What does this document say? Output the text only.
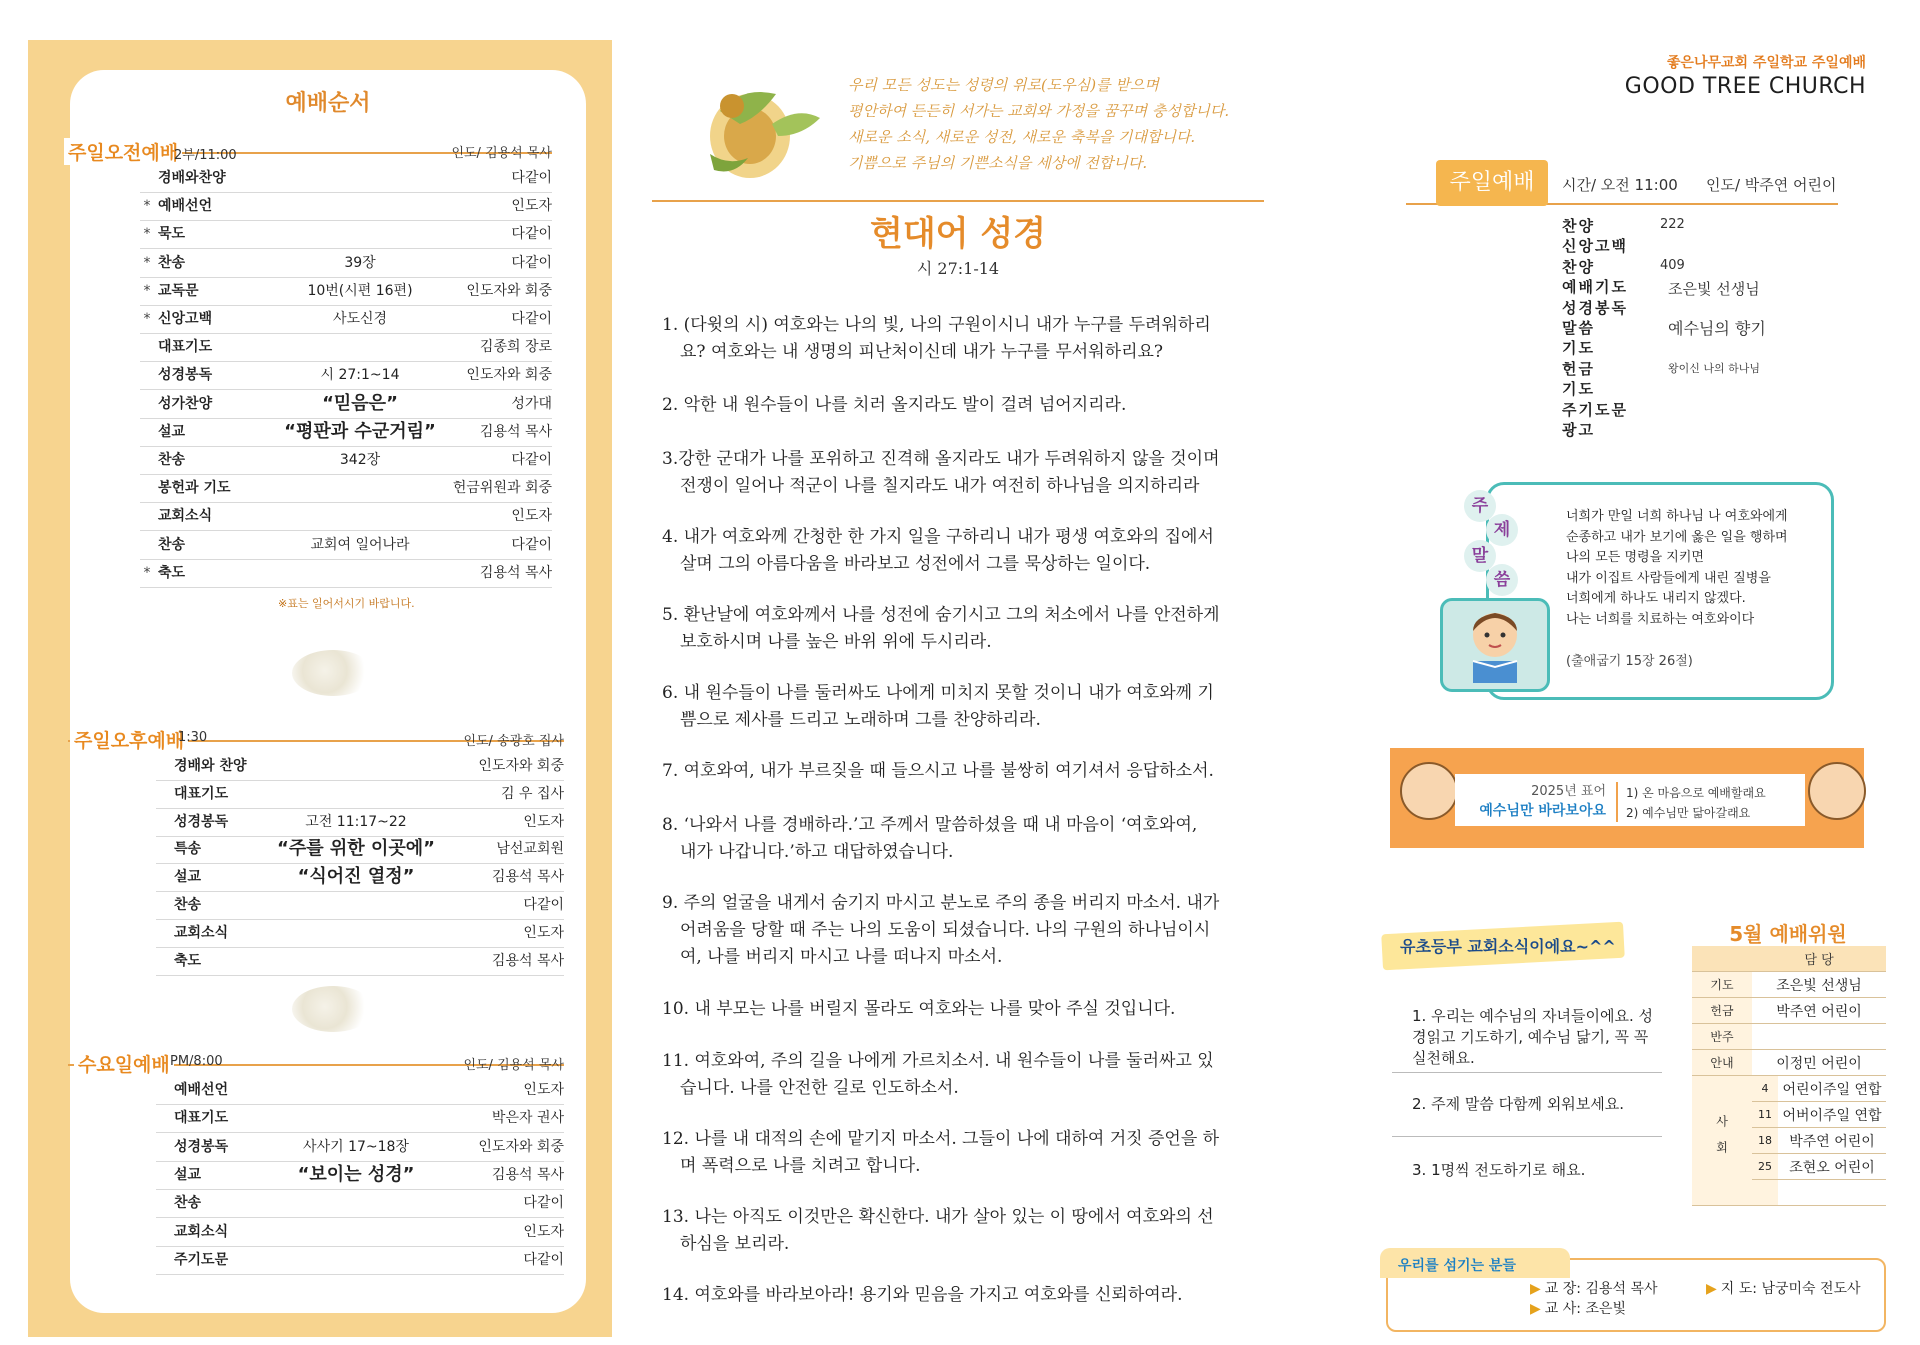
예배순서
주일오전예배
2부/11:00	인도/ 김용석 목사
경배와찬양	다같이
* 예배선언	인도자
* 묵도	다같이
* 찬송	39장	다같이
* 교독문	10번(시편 16편)	인도자와 회중
* 신앙고백	사도신경	다같이
대표기도	김종희 장로
성경봉독	시 27:1~14	인도자와 회중
성가찬양	“믿음은”	성가대
설교	“평판과 수군거림”	김용석 목사
찬송	342장	다같이
봉헌과 기도	헌금위원과 회중
교회소식	인도자
찬송	교회여 일어나라	다같이
* 축도	김용석 목사
※표는 일어서시기 바랍니다.
주일오후예배
1:30	인도/ 송광호 집사
경배와 찬양	인도자와 회중
대표기도	김 우 집사
성경봉독	고전 11:17~22	인도자
특송	“주를 위한 이곳에”	남선교회원
설교	“식어진 열정”	김용석 목사
찬송	다같이
교회소식	인도자
축도	김용석 목사
수요일예배 PM/8:00	인도/ 김용석 목사
예배선언	인도자
대표기도	박은자 권사
성경봉독	사사기 17~18장	인도자와 회중
설교	“보이는 성경”	김용석 목사
찬송	다같이
교회소식	인도자
주기도문	다같이
우리 모든 성도는 성령의 위로(도우심)를 받으며
평안하여 든든히 서가는 교회와 가정을 꿈꾸며 충성합니다.
새로운 소식, 새로운 성전, 새로운 축복을 기대합니다.
기쁨으로 주님의 기쁜소식을 세상에 전합니다.
현대어 성경
시 27:1-14
1. (다윗의 시) 여호와는 나의 빛, 나의 구원이시니 내가 누구를 두려워하리
요? 여호와는 내 생명의 피난처이신데 내가 누구를 무서워하리요?
2. 악한 내 원수들이 나를 치러 올지라도 발이 걸려 넘어지리라.
3.강한 군대가 나를 포위하고 진격해 올지라도 내가 두려워하지 않을 것이며
전쟁이 일어나 적군이 나를 칠지라도 내가 여전히 하나님을 의지하리라
4. 내가 여호와께 간청한 한 가지 일을 구하리니 내가 평생 여호와의 집에서
살며 그의 아름다움을 바라보고 성전에서 그를 묵상하는 일이다.
5. 환난날에 여호와께서 나를 성전에 숨기시고 그의 처소에서 나를 안전하게
보호하시며 나를 높은 바위 위에 두시리라.
6. 내 원수들이 나를 둘러싸도 나에게 미치지 못할 것이니 내가 여호와께 기
쁨으로 제사를 드리고 노래하며 그를 찬양하리라.
7. 여호와여, 내가 부르짖을 때 들으시고 나를 불쌍히 여기셔서 응답하소서.
8. ‘나와서 나를 경배하라.’고 주께서 말씀하셨을 때 내 마음이 ‘여호와여,
내가 나갑니다.’하고 대답하였습니다.
9. 주의 얼굴을 내게서 숨기지 마시고 분노로 주의 종을 버리지 마소서. 내가
어려움을 당할 때 주는 나의 도움이 되셨습니다. 나의 구원의 하나님이시
여, 나를 버리지 마시고 나를 떠나지 마소서.
10. 내 부모는 나를 버릴지 몰라도 여호와는 나를 맞아 주실 것입니다.
11. 여호와여, 주의 길을 나에게 가르치소서. 내 원수들이 나를 둘러싸고 있
습니다. 나를 안전한 길로 인도하소서.
12. 나를 내 대적의 손에 맡기지 마소서. 그들이 나에 대하여 거짓 증언을 하
며 폭력으로 나를 치려고 합니다.
13. 나는 아직도 이것만은 확신한다. 내가 살아 있는 이 땅에서 여호와의 선
하심을 보리라.
14. 여호와를 바라보아라! 용기와 믿음을 가지고 여호와를 신뢰하여라.
좋은나무교회 주일학교 주일예배
GOOD TREE CHURCH
주일예배	시간/ 오전 11:00 인도/ 박주연 어린이
찬양	222
신앙고백
찬양	409
예배기도	조은빛 선생님
성경봉독
말씀	예수님의 향기
기도
헌금	왕이신 나의 하나님
기도
주기도문
광고
주
제
말
씀
너희가 만일 너희 하나님 나 여호와에게
순종하고 내가 보기에 옳은 일을 행하며
나의 모든 명령을 지키면
내가 이집트 사람들에게 내린 질병을
너희에게 하나도 내리지 않겠다.
나는 너희를 치료하는 여호와이다
(출애굽기 15장 26절)
2025년 표어
예수님만 바라보아요
1) 온 마음으로 예배할래요
2) 예수님만 닮아갈래요
유초등부 교회소식이에요~^^
1. 우리는 예수님의 자녀들이에요. 성경읽고 기도하기, 예수님 닮기, 꼭 꼭 실천해요.
2. 주제 말씀 다함께 외워보세요.
3. 1명씩 전도하기로 해요.
5월 예배위원
	담 당	
기도	조은빛 선생님	
헌금	박주연 어린이	
반주		
안내	이정민 어린이	
사회	4	어린이주일 연합
	11	어버이주일 연합
	18	박주연 어린이
	25	조현오 어린이

우리를 섬기는 분들
▶ 교 장: 김용석 목사
▶ 교 사: 조은빛
▶ 지 도: 남궁미숙 전도사
